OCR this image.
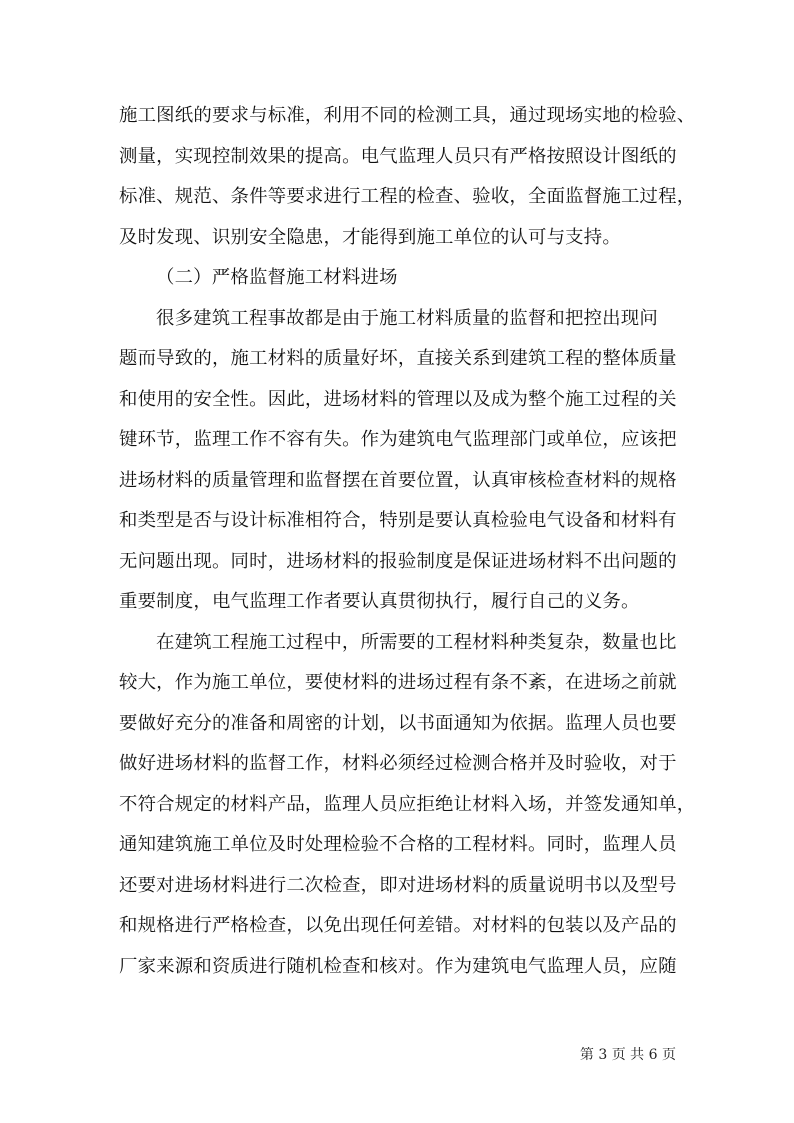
施工图纸的要求与标准，利用不同的检测工具，通过现场实地的检验、
测量，实现控制效果的提高。电气监理人员只有严格按照设计图纸的
标准、规范、条件等要求进行工程的检查、验收，全面监督施工过程，
及时发现、识别安全隐患，才能得到施工单位的认可与支持。
（二）严格监督施工材料进场
很多建筑工程事故都是由于施工材料质量的监督和把控出现问
题而导致的，施工材料的质量好坏，直接关系到建筑工程的整体质量
和使用的安全性。因此，进场材料的管理以及成为整个施工过程的关
键环节，监理工作不容有失。作为建筑电气监理部门或单位，应该把
进场材料的质量管理和监督摆在首要位置，认真审核检查材料的规格
和类型是否与设计标准相符合，特别是要认真检验电气设备和材料有
无问题出现。同时，进场材料的报验制度是保证进场材料不出问题的
重要制度，电气监理工作者要认真贯彻执行，履行自己的义务。
在建筑工程施工过程中，所需要的工程材料种类复杂，数量也比
较大，作为施工单位，要使材料的进场过程有条不紊，在进场之前就
要做好充分的准备和周密的计划，以书面通知为依据。监理人员也要
做好进场材料的监督工作，材料必须经过检测合格并及时验收，对于
不符合规定的材料产品，监理人员应拒绝让材料入场，并签发通知单，
通知建筑施工单位及时处理检验不合格的工程材料。同时，监理人员
还要对进场材料进行二次检查，即对进场材料的质量说明书以及型号
和规格进行严格检查，以免出现任何差错。对材料的包装以及产品的
厂家来源和资质进行随机检查和核对。作为建筑电气监理人员，应随
第 3 页 共 6 页
